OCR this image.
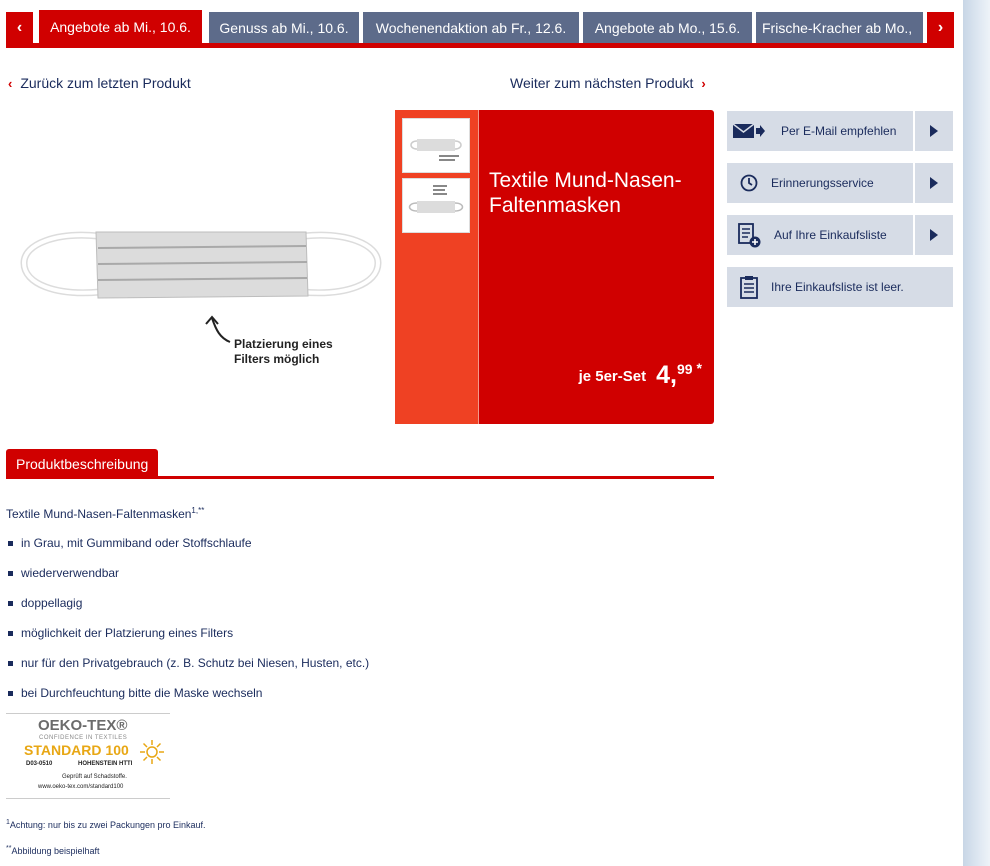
‹	Angebote ab Mi., 10.6.	Genuss ab Mi., 10.6.	Wochenendaktion ab Fr., 12.6.	Angebote ab Mo., 15.6.	Frische-Kracher ab Mo.,	›
‹ Zurück zum letzten Produkt	Weiter zum nächsten Produkt ›
Platzierung eines
Filters möglich
Textile Mund-Nasen-Faltenmasken
je 5er-Set 4, 99 *
Per E-Mail empfehlen
Erinnerungsservice
Auf Ihre Einkaufsliste
Ihre Einkaufsliste ist leer.
Produktbeschreibung
Textile Mund-Nasen-Faltenmasken$^{1,**}$
in Grau, mit Gummiband oder Stoffschlaufe
wiederverwendbar
doppellagig
möglichkeit der Platzierung eines Filters
nur für den Privatgebrauch (z. B. Schutz bei Niesen, Husten, etc.)
bei Durchfeuchtung bitte die Maske wechseln
OEKO-TEX®
CONFIDENCE IN TEXTILES
STANDARD 100
D03-0510	HOHENSTEIN HTTI
Geprüft auf Schadstoffe.
www.oeko-tex.com/standard100
$^1$Achtung: nur bis zu zwei Packungen pro Einkauf.
**Abbildung beispielhaft
